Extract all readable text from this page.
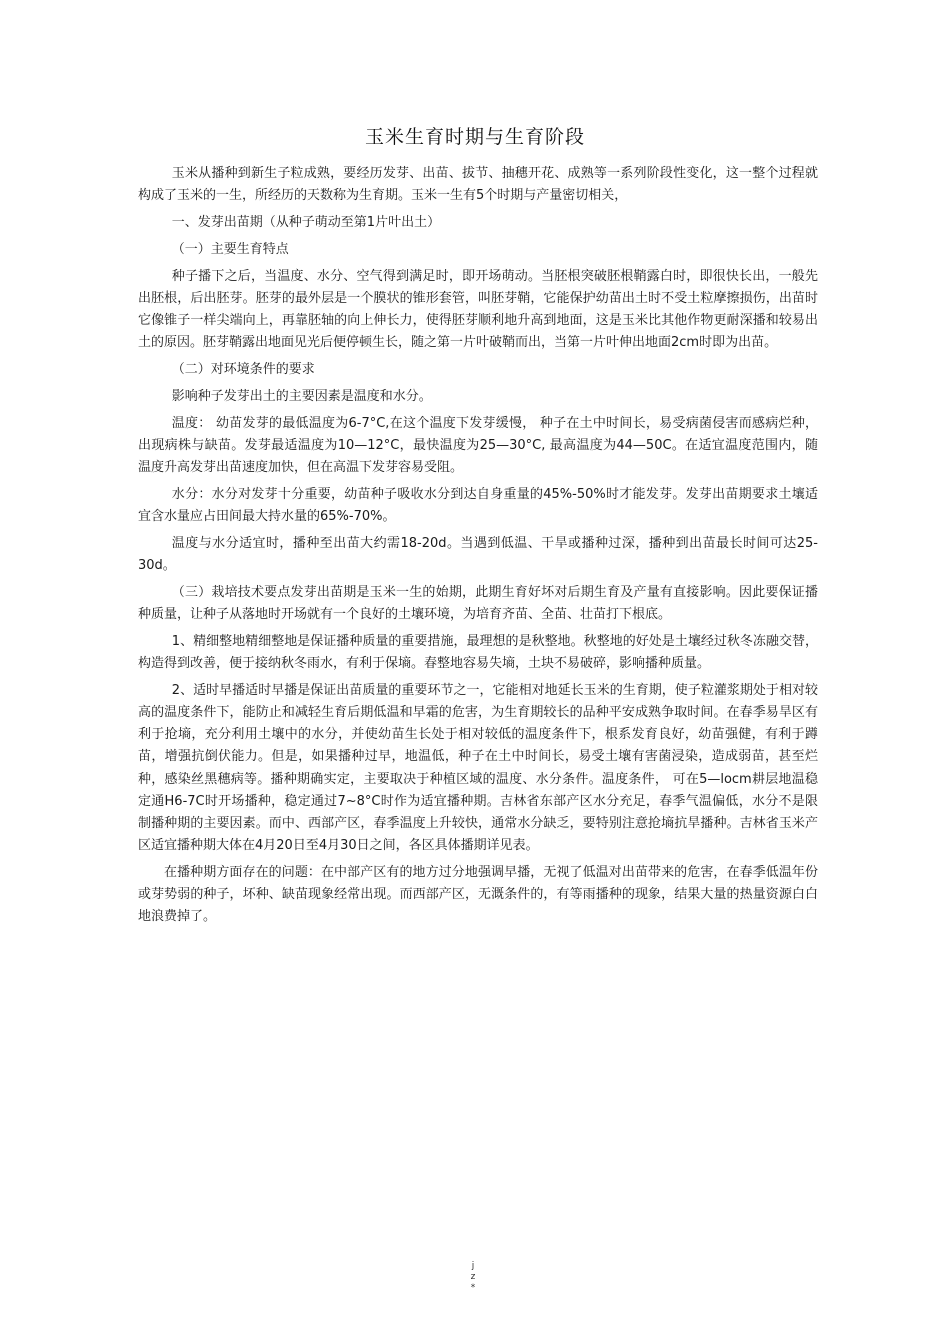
玉米生育时期与生育阶段

玉米从播种到新生子粒成熟，要经历发芽、出苗、拔节、抽穗开花、成熟等一系列阶段性变化，这一整个过程就构成了玉米的一生，所经历的天数称为生育期。玉米一生有5个时期与产量密切相关，

一、发芽出苗期（从种子萌动至第1片叶出土）

（一）主要生育特点

种子播下之后，当温度、水分、空气得到满足时，即开场萌动。当胚根突破胚根鞘露白时，即很快长出，一般先出胚根，后出胚芽。胚芽的最外层是一个膜状的锥形套管，叫胚芽鞘，它能保护幼苗出土时不受土粒摩擦损伤，出苗时它像锥子一样尖端向上，再靠胚轴的向上伸长力，使得胚芽顺利地升高到地面，这是玉米比其他作物更耐深播和较易出土的原因。胚芽鞘露出地面见光后便停顿生长，随之第一片叶破鞘而出，当第一片叶伸出地面2cm时即为出苗。

（二）对环境条件的要求

影响种子发芽出土的主要因素是温度和水分。

温度： 幼苗发芽的最低温度为6-7°C,在这个温度下发芽缓慢， 种子在土中时间长，易受病菌侵害而感病烂种，出现病株与缺苗。发芽最适温度为10—12°C，最快温度为25—30°C, 最高温度为44—50C。在适宜温度范围内，随温度升高发芽出苗速度加快，但在高温下发芽容易受阻。

水分：水分对发芽十分重要，幼苗种子吸收水分到达自身重量的45%-50%时才能发芽。发芽出苗期要求土壤适宜含水量应占田间最大持水量的65%-70%。

温度与水分适宜时，播种至出苗大约需18-20d。当遇到低温、干旱或播种过深，播种到出苗最长时间可达25-30d。

（三）栽培技术要点发芽出苗期是玉米一生的始期，此期生育好坏对后期生育及产量有直接影响。因此要保证播种质量，让种子从落地时开场就有一个良好的土壤环境，为培育齐苗、全苗、壮苗打下根底。

1、精细整地精细整地是保证播种质量的重要措施，最理想的是秋整地。秋整地的好处是土壤经过秋冬冻融交替，构造得到改善，便于接纳秋冬雨水，有利于保墒。春整地容易失墒，土块不易破碎，影响播种质量。

2、适时早播适时早播是保证出苗质量的重要环节之一，它能相对地延长玉米的生育期，使子粒灌浆期处于相对较高的温度条件下，能防止和减轻生育后期低温和早霜的危害，为生育期较长的品种平安成熟争取时间。在春季易旱区有利于抢墒，充分利用土壤中的水分，并使幼苗生长处于相对较低的温度条件下，根系发育良好，幼苗强健，有利于蹲苗，增强抗倒伏能力。但是，如果播种过早，地温低，种子在土中时间长，易受土壤有害菌浸染，造成弱苗，甚至烂种，感染丝黑穗病等。播种期确实定，主要取决于种植区域的温度、水分条件。温度条件， 可在5—locm耕层地温稳定通H6-7C时开场播种，稳定通过7~8°C时作为适宜播种期。吉林省东部产区水分充足，春季气温偏低，水分不是限制播种期的主要因素。而中、西部产区，春季温度上升较快，通常水分缺乏，要特别注意抢墒抗旱播种。吉林省玉米产区适宜播种期大体在4月20日至4月30日之间，各区具体播期详见表。

在播种期方面存在的问题：在中部产区有的地方过分地强调早播，无视了低温对出苗带来的危害，在春季低温年份或芽势弱的种子，坏种、缺苗现象经常出现。而西部产区，无溉条件的，有等雨播种的现象，结果大量的热量资源白白地浪费掉了。

j
z
*
